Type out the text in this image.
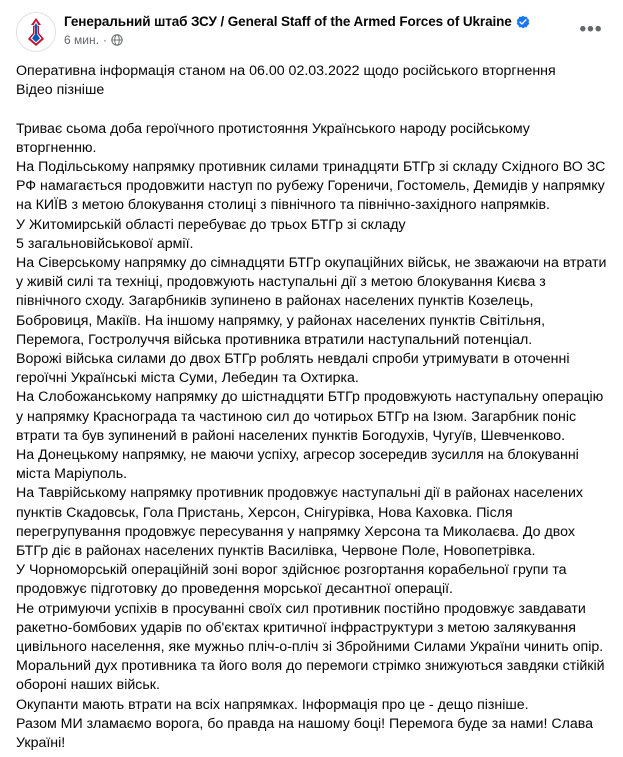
Генеральний штаб ЗСУ / General Staff of the Armed Forces of Ukraine
6 мин. ·	•••

Оперативна інформація станом на 06.00 02.03.2022 щодо російського вторгнення

Відео пізніше

Триває сьома доба героїчного протистояння Українського народу російському вторгненню.

На Подільському напрямку противник силами тринадцяти БТГр зі складу Східного ВО ЗС РФ намагається продовжити наступ по рубежу Гореничи, Гостомель, Демидів у напрямку на КИЇВ з метою блокування столиці з північного та північно-західного напрямків.

У Житомирській області перебуває до трьох БТГр зі складу

5 загальновійськової армії.

На Сіверському напрямку до сімнадцяти БТГр окупаційних військ, не зважаючи на втрати у живій силі та техніці, продовжують наступальні дії з метою блокування Києва з північного сходу. Загарбників зупинено в районах населених пунктів Козелець, Бобровиця, Макіїв. На іншому напрямку, у районах населених пунктів Світільня, Перемога, Гостролуччя війська противника втратили наступальний потенціал.

Ворожі війська силами до двох БТГр роблять невдалі спроби утримувати в оточенні героїчні Українські міста Суми, Лебедин та Охтирка.

На Слобожанському напрямку до шістнадцяти БТГр продовжують наступальну операцію у напрямку Краснограда та частиною сил до чотирьох БТГр на Ізюм. Загарбник поніс втрати та був зупинений в районі населених пунктів Богодухів, Чугуїв, Шевченково.

На Донецькому напрямку, не маючи успіху, агресор зосередив зусилля на блокуванні міста Маріуполь.

На Таврійському напрямку противник продовжує наступальні дії в районах населених пунктів Скадовськ, Гола Пристань, Херсон, Снігурівка, Нова Каховка. Після перегрупування продовжує пересування у напрямку Херсона та Миколаєва. До двох БТГр діє в районах населених пунктів Василівка, Червоне Поле, Новопетрівка.

У Чорноморській операційній зоні ворог здійснює розгортання корабельної групи та продовжує підготовку до проведення морської десантної операції.

Не отримуючи успіхів в просуванні своїх сил противник постійно продовжує завдавати ракетно-бомбових ударів по об'єктах критичної інфраструктури з метою залякування цивільного населення, яке мужньо пліч-о-пліч зі Збройними Силами України чинить опір. Моральний дух противника та його воля до перемоги стрімко знижуються завдяки стійкій обороні наших військ.

Окупанти мають втрати на всіх напрямках. Інформація про це - дещо пізніше.

Разом МИ зламаємо ворога, бо правда на нашому боці! Перемога буде за нами! Слава Україні!
